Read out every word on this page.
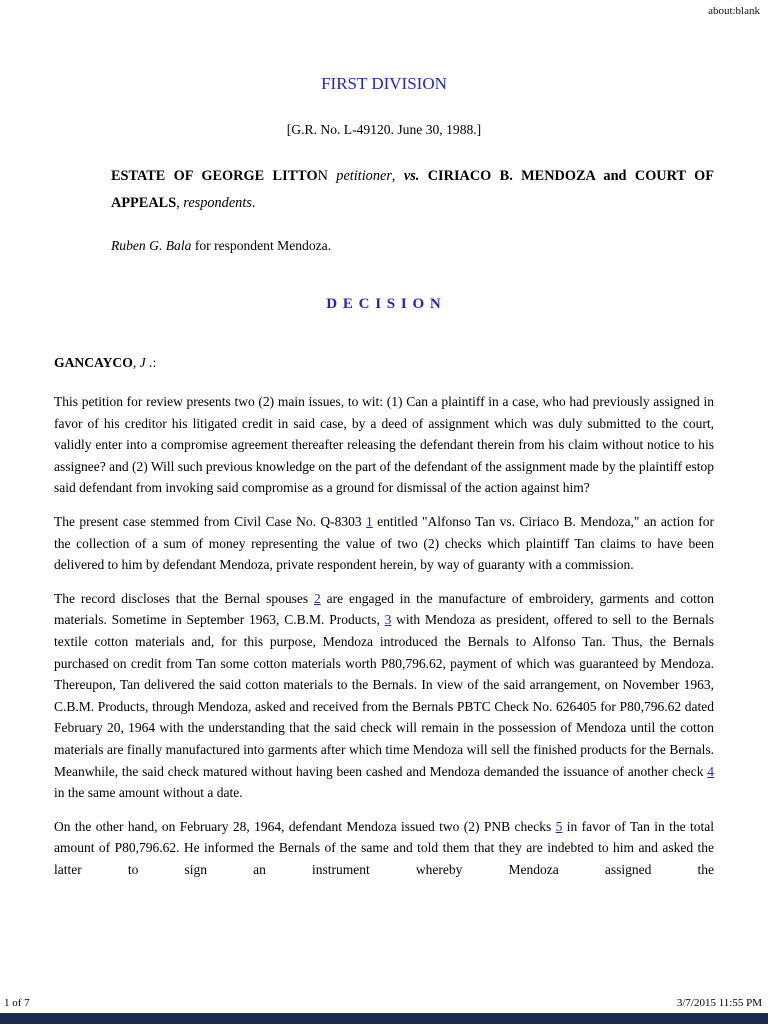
about:blank
FIRST DIVISION
[G.R. No. L-49120. June 30, 1988.]
ESTATE OF GEORGE LITTON petitioner, vs. CIRIACO B. MENDOZA and COURT OF APPEALS, respondents.
Ruben G. Bala for respondent Mendoza.
D E C I S I O N
GANCAYCO, J .:

This petition for review presents two (2) main issues, to wit: (1) Can a plaintiff in a case, who had previously assigned in favor of his creditor his litigated credit in said case, by a deed of assignment which was duly submitted to the court, validly enter into a compromise agreement thereafter releasing the defendant therein from his claim without notice to his assignee? and (2) Will such previous knowledge on the part of the defendant of the assignment made by the plaintiff estop said defendant from invoking said compromise as a ground for dismissal of the action against him?

The present case stemmed from Civil Case No. Q-8303 1 entitled "Alfonso Tan vs. Ciriaco B. Mendoza," an action for the collection of a sum of money representing the value of two (2) checks which plaintiff Tan claims to have been delivered to him by defendant Mendoza, private respondent herein, by way of guaranty with a commission.

The record discloses that the Bernal spouses 2 are engaged in the manufacture of embroidery, garments and cotton materials. Sometime in September 1963, C.B.M. Products, 3 with Mendoza as president, offered to sell to the Bernals textile cotton materials and, for this purpose, Mendoza introduced the Bernals to Alfonso Tan. Thus, the Bernals purchased on credit from Tan some cotton materials worth P80,796.62, payment of which was guaranteed by Mendoza. Thereupon, Tan delivered the said cotton materials to the Bernals. In view of the said arrangement, on November 1963, C.B.M. Products, through Mendoza, asked and received from the Bernals PBTC Check No. 626405 for P80,796.62 dated February 20, 1964 with the understanding that the said check will remain in the possession of Mendoza until the cotton materials are finally manufactured into garments after which time Mendoza will sell the finished products for the Bernals. Meanwhile, the said check matured without having been cashed and Mendoza demanded the issuance of another check 4 in the same amount without a date.

On the other hand, on February 28, 1964, defendant Mendoza issued two (2) PNB checks 5 in favor of Tan in the total amount of P80,796.62. He informed the Bernals of the same and told them that they are indebted to him and asked the latter to sign an instrument whereby Mendoza assigned the

1 of 7	3/7/2015 11:55 PM
